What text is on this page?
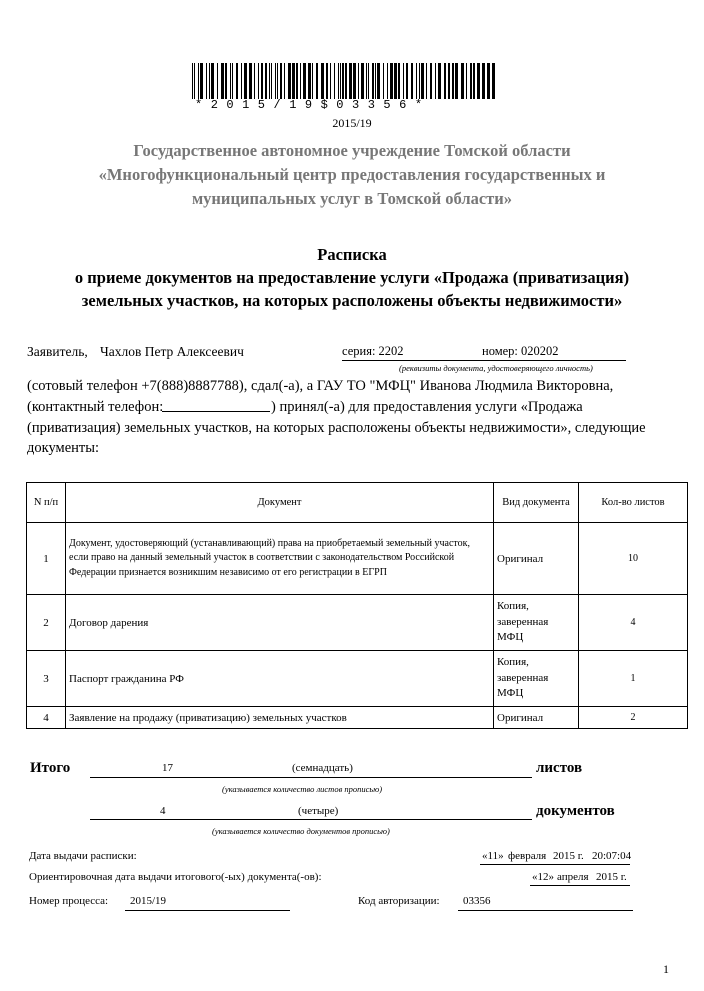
*2015/19$03356*
2015/19
Государственное автономное учреждение Томской области
«Многофункциональный центр предоставления государственных и
муниципальных услуг в Томской области»
Расписка
о приеме документов на предоставление услуги «Продажа (приватизация)
земельных участков, на которых расположены объекты недвижимости»
Заявитель, Чахлов Петр Алексеевич	серия: 2202	номер: 020202
(реквизиты документа, удостоверяющего личность)
(сотовый телефон +7(888)8887788), сдал(-а), а ГАУ ТО "МФЦ" Иванова Людмила Викторовна,
(контактный телефон:	) принял(-а) для предоставления услуги «Продажа
(приватизация) земельных участков, на которых расположены объекты недвижимости», следующие
документы:
N п/п	Документ	Вид документа	Кол-во листов
1	Документ, удостоверяющий (устанавливающий) права на приобретаемый земельный участок, если право на данный земельный участок в соответствии с законодательством Российской Федерации признается возникшим независимо от его регистрации в ЕГРП	Оригинал	10
2	Договор дарения	Копия, заверенная МФЦ	4
3	Паспорт гражданина РФ	Копия, заверенная МФЦ	1
4	Заявление на продажу (приватизацию) земельных участков	Оригинал	2
Итого	17	(семнадцать)	листов
(указывается количество листов прописью)
4	(четыре)	документов
(указывается количество документов прописью)
Дата выдачи расписки:	«11» февраля 2015 г. 20:07:04
Ориентировочная дата выдачи итогового(-ых) документа(-ов):	«12» апреля 2015 г.
Номер процесса: 2015/19	Код авторизации: 03356
1
